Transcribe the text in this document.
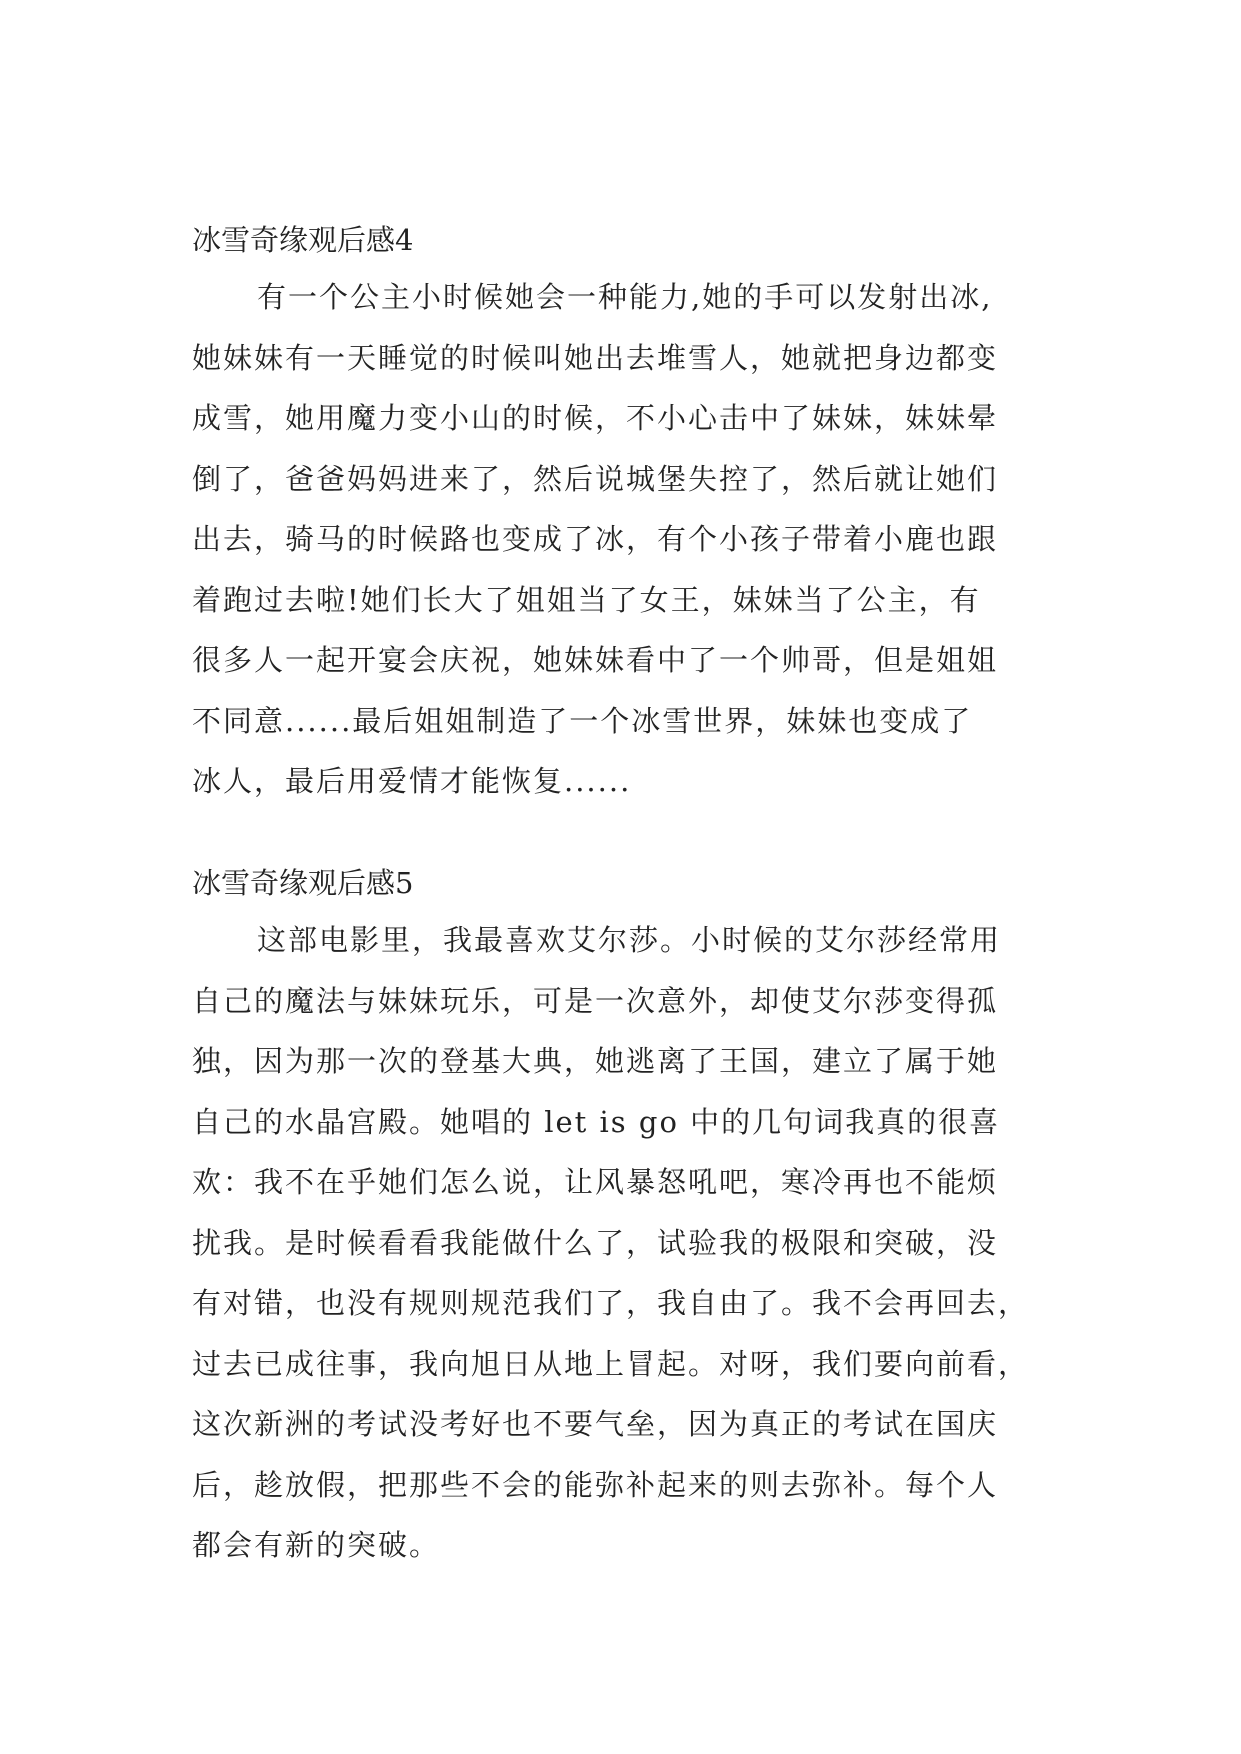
冰雪奇缘观后感4

有一个公主小时候她会一种能力,她的手可以发射出冰,

她妹妹有一天睡觉的时候叫她出去堆雪人，她就把身边都变

成雪，她用魔力变小山的时候，不小心击中了妹妹，妹妹晕

倒了，爸爸妈妈进来了，然后说城堡失控了，然后就让她们

出去，骑马的时候路也变成了冰，有个小孩子带着小鹿也跟

着跑过去啦!她们长大了姐姐当了女王，妹妹当了公主，有

很多人一起开宴会庆祝，她妹妹看中了一个帅哥，但是姐姐

不同意......最后姐姐制造了一个冰雪世界，妹妹也变成了

冰人，最后用爱情才能恢复......

冰雪奇缘观后感5

这部电影里，我最喜欢艾尔莎。小时候的艾尔莎经常用

自己的魔法与妹妹玩乐，可是一次意外，却使艾尔莎变得孤

独，因为那一次的登基大典，她逃离了王国，建立了属于她

自己的水晶宫殿。她唱的 let is go 中的几句词我真的很喜

欢：我不在乎她们怎么说，让风暴怒吼吧，寒冷再也不能烦

扰我。是时候看看我能做什么了，试验我的极限和突破，没

有对错，也没有规则规范我们了，我自由了。我不会再回去，

过去已成往事，我向旭日从地上冒起。对呀，我们要向前看，

这次新洲的考试没考好也不要气垒，因为真正的考试在国庆

后，趁放假，把那些不会的能弥补起来的则去弥补。每个人

都会有新的突破。
